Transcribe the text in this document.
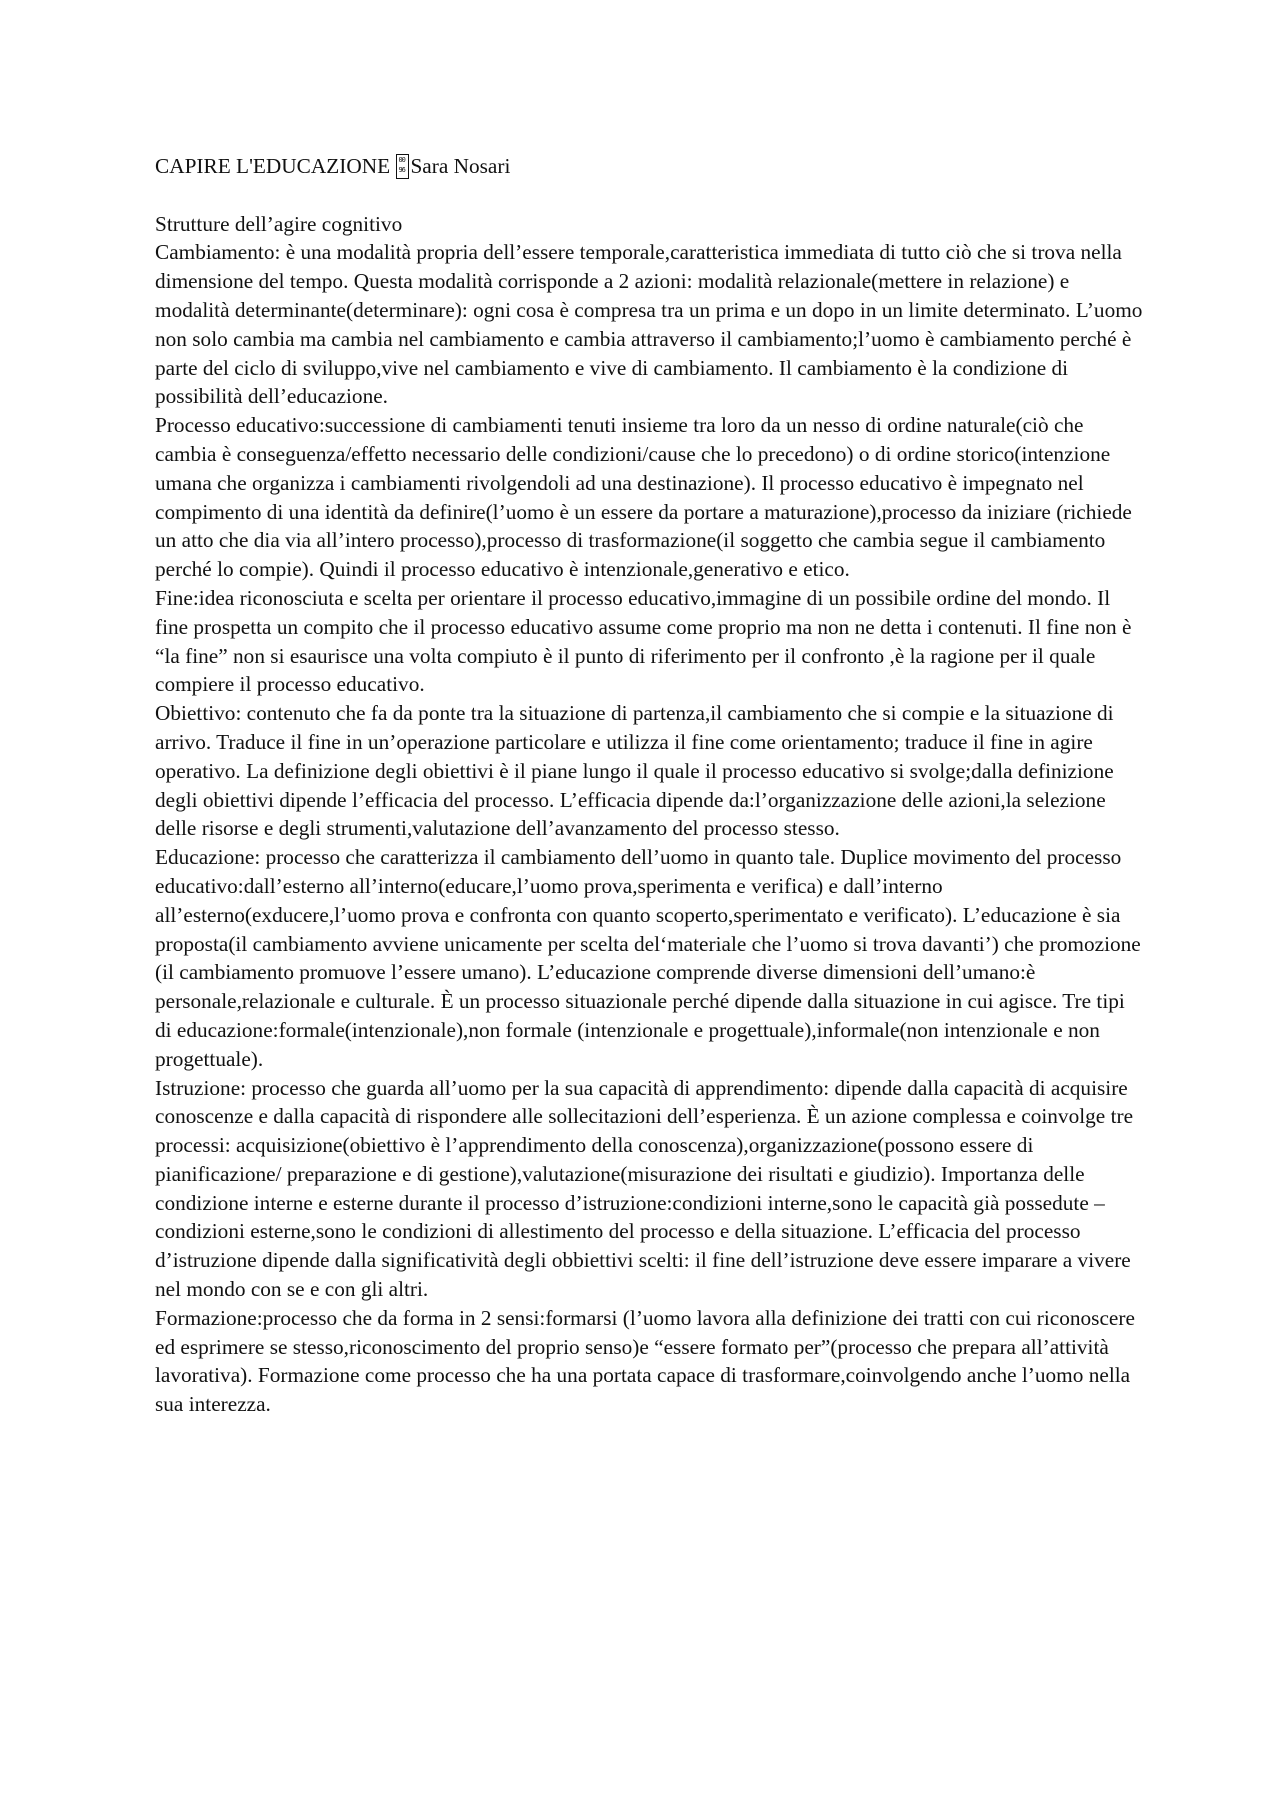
CAPIRE L'EDUCAZIONE 00 96Sara Nosari

Strutture dell’agire cognitivo

Cambiamento: è una modalità propria dell’essere temporale,caratteristica immediata di tutto ciò che si trova nella dimensione del tempo. Questa modalità corrisponde a 2 azioni: modalità relazionale(mettere in relazione) e modalità determinante(determinare): ogni cosa è compresa tra un prima e un dopo in un limite determinato. L’uomo non solo cambia ma cambia nel cambiamento e cambia attraverso il cambiamento;l’uomo è cambiamento perché è parte del ciclo di sviluppo,vive nel cambiamento e vive di cambiamento. Il cambiamento è la condizione di possibilità dell’educazione.

Processo educativo:successione di cambiamenti tenuti insieme tra loro da un nesso di ordine naturale(ciò che cambia è conseguenza/effetto necessario delle condizioni/cause che lo precedono) o di ordine storico(intenzione umana che organizza i cambiamenti rivolgendoli ad una destinazione). Il processo educativo è impegnato nel compimento di una identità da definire(l’uomo è un essere da portare a maturazione),processo da iniziare (richiede un atto che dia via all’intero processo),processo di trasformazione(il soggetto che cambia segue il cambiamento perché lo compie). Quindi il processo educativo è intenzionale,generativo e etico.

Fine:idea riconosciuta e scelta per orientare il processo educativo,immagine di un possibile ordine del mondo. Il fine prospetta un compito che il processo educativo assume come proprio ma non ne detta i contenuti. Il fine non è “la fine” non si esaurisce una volta compiuto è il punto di riferimento per il confronto ,è la ragione per il quale compiere il processo educativo.

Obiettivo: contenuto che fa da ponte tra la situazione di partenza,il cambiamento che si compie e la situazione di arrivo. Traduce il fine in un’operazione particolare e utilizza il fine come orientamento; traduce il fine in agire operativo. La definizione degli obiettivi è il piane lungo il quale il processo educativo si svolge;dalla definizione degli obiettivi dipende l’efficacia del processo. L’efficacia dipende da:l’organizzazione delle azioni,la selezione delle risorse e degli strumenti,valutazione dell’avanzamento del processo stesso.

Educazione: processo che caratterizza il cambiamento dell’uomo in quanto tale. Duplice movimento del processo educativo:dall’esterno all’interno(educare,l’uomo prova,sperimenta e verifica) e dall’interno all’esterno(exducere,l’uomo prova e confronta con quanto scoperto,sperimentato e verificato). L’educazione è sia proposta(il cambiamento avviene unicamente per scelta del‘materiale che l’uomo si trova davanti’) che promozione (il cambiamento promuove l’essere umano). L’educazione comprende diverse dimensioni dell’umano:è personale,relazionale e culturale. È un processo situazionale perché dipende dalla situazione in cui agisce. Tre tipi di educazione:formale(intenzionale),non formale (intenzionale e progettuale),informale(non intenzionale e non progettuale).

Istruzione: processo che guarda all’uomo per la sua capacità di apprendimento: dipende dalla capacità di acquisire conoscenze e dalla capacità di rispondere alle sollecitazioni dell’esperienza. È un azione complessa e coinvolge tre processi: acquisizione(obiettivo è l’apprendimento della conoscenza),organizzazione(possono essere di pianificazione/ preparazione e di gestione),valutazione(misurazione dei risultati e giudizio). Importanza delle condizione interne e esterne durante il processo d’istruzione:condizioni interne,sono le capacità già possedute –condizioni esterne,sono le condizioni di allestimento del processo e della situazione. L’efficacia del processo d’istruzione dipende dalla significatività degli obbiettivi scelti: il fine dell’istruzione deve essere imparare a vivere nel mondo con se e con gli altri.

Formazione:processo che da forma in 2 sensi:formarsi (l’uomo lavora alla definizione dei tratti con cui riconoscere ed esprimere se stesso,riconoscimento del proprio senso)e “essere formato per”(processo che prepara all’attività lavorativa). Formazione come processo che ha una portata capace di trasformare,coinvolgendo anche l’uomo nella sua interezza.
